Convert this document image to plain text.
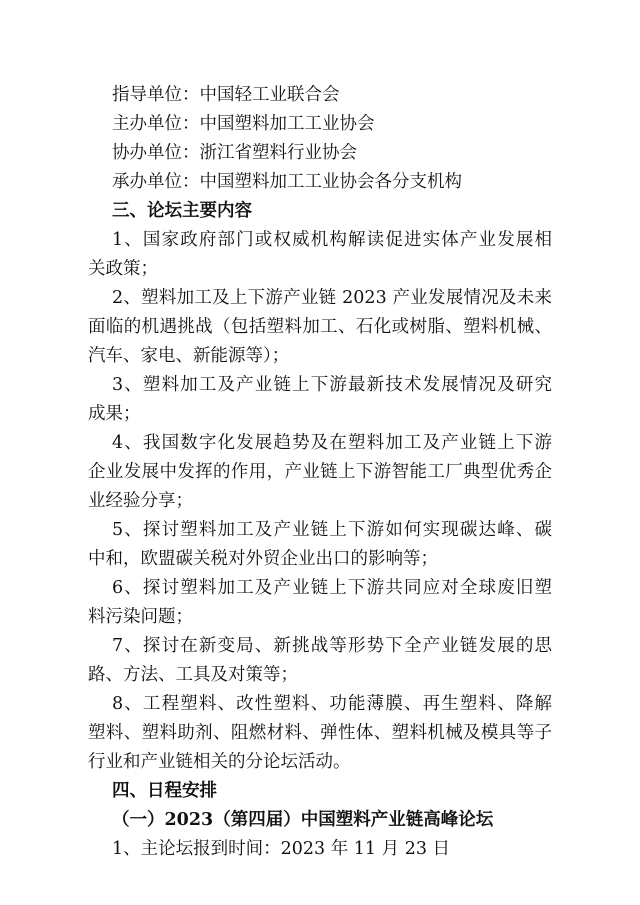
指导单位：中国轻工业联合会
主办单位：中国塑料加工工业协会
协办单位：浙江省塑料行业协会
承办单位：中国塑料加工工业协会各分支机构
三、论坛主要内容
1、国家政府部门或权威机构解读促进实体产业发展相
关政策；
2、塑料加工及上下游产业链 2023 产业发展情况及未来
面临的机遇挑战（包括塑料加工、石化或树脂、塑料机械、
汽车、家电、新能源等）；
3、塑料加工及产业链上下游最新技术发展情况及研究
成果；
4、我国数字化发展趋势及在塑料加工及产业链上下游
企业发展中发挥的作用，产业链上下游智能工厂典型优秀企
业经验分享；
5、探讨塑料加工及产业链上下游如何实现碳达峰、碳
中和，欧盟碳关税对外贸企业出口的影响等；
6、探讨塑料加工及产业链上下游共同应对全球废旧塑
料污染问题；
7、探讨在新变局、新挑战等形势下全产业链发展的思
路、方法、工具及对策等；
8、工程塑料、改性塑料、功能薄膜、再生塑料、降解
塑料、塑料助剂、阻燃材料、弹性体、塑料机械及模具等子
行业和产业链相关的分论坛活动。
四、日程安排
（一）2023（第四届）中国塑料产业链高峰论坛
1、主论坛报到时间：2023 年 11 月 23 日
